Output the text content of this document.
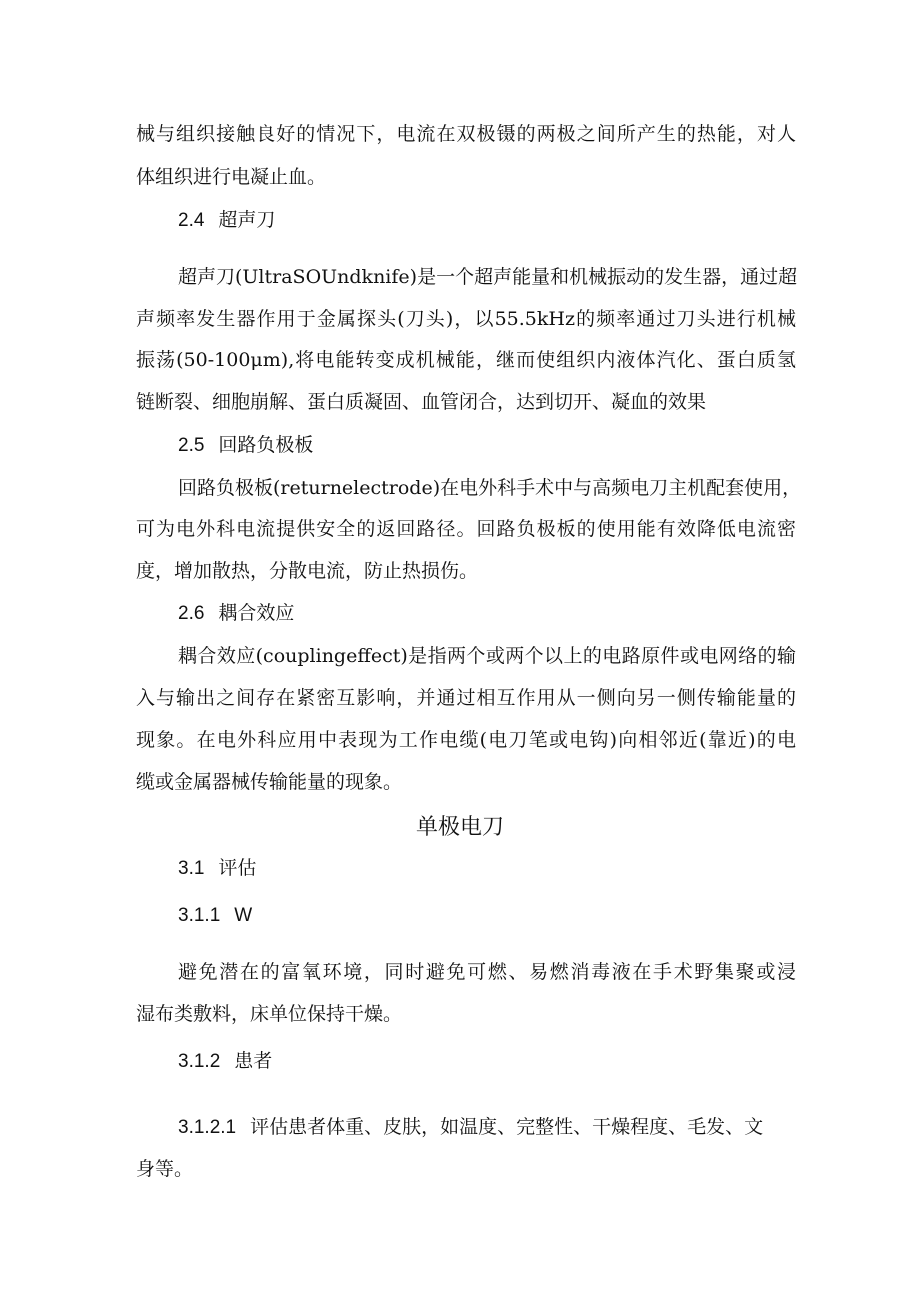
械与组织接触良好的情况下，电流在双极镊的两极之间所产生的热能，对人
体组织进行电凝止血。
2.4 超声刀
超声刀(UltraSOUndknife)是一个超声能量和机械振动的发生器，通过超
声频率发生器作用于金属探头(刀头)，以55.5kHz的频率通过刀头进行机械
振荡(50-100μm),将电能转变成机械能，继而使组织内液体汽化、蛋白质氢
链断裂、细胞崩解、蛋白质凝固、血管闭合，达到切开、凝血的效果
2.5 回路负极板
回路负极板(returnelectrode)在电外科手术中与高频电刀主机配套使用，
可为电外科电流提供安全的返回路径。回路负极板的使用能有效降低电流密
度，增加散热，分散电流，防止热损伤。
2.6 耦合效应
耦合效应(couplingeffect)是指两个或两个以上的电路原件或电网络的输
入与输出之间存在紧密互影响，并通过相互作用从一侧向另一侧传输能量的
现象。在电外科应用中表现为工作电缆(电刀笔或电钩)向相邻近(靠近)的电
缆或金属器械传输能量的现象。
单极电刀
3.1 评估
3.1.1 W
避免潜在的富氧环境，同时避免可燃、易燃消毒液在手术野集聚或浸
湿布类敷料，床单位保持干燥。
3.1.2 患者
3.1.2.1 评估患者体重、皮肤，如温度、完整性、干燥程度、毛发、文
身等。
